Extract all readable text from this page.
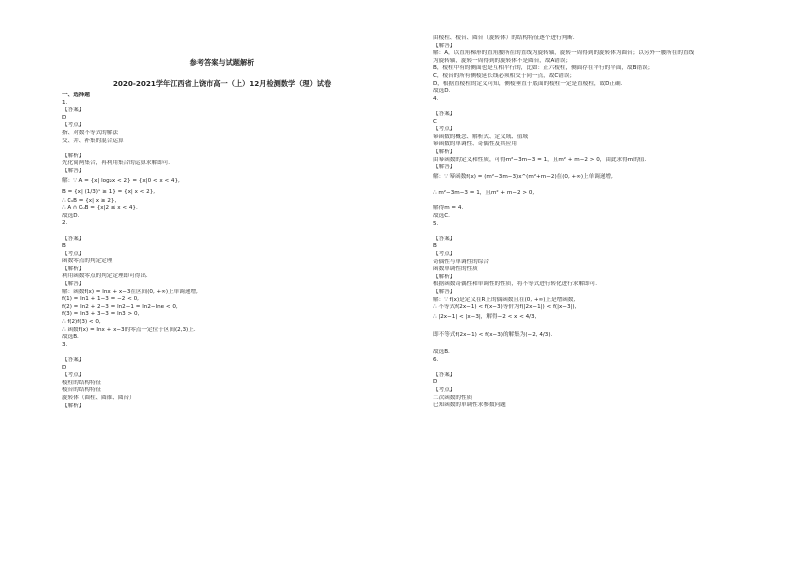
参考答案与试题解析
2020-2021学年江西省上饶市高一（上）12月检测数学（理）试卷
一、选择题
1.
【答案】
D
【考点】
指、对数不等式的解法
交、并、补集的混合运算
【解析】
先化简两集合，再利用集合的运算求解即可.
【解答】
解：∵ A = {x| log₂x < 2} = {x|0 < x < 4},
B = {x| (1/3)ˣ ≥ 1} = {x| x < 2},
∴ ∁ᵤB = {x| x ≥ 2},
∴ A ∩ ∁ᵤB = {x|2 ≤ x < 4}.
故选D.
2.
【答案】
B
【考点】
函数零点的判定定理
【解析】
利用函数零点的判定定理即可得出.
【解答】
解：函数f(x) = lnx + x−3在区间(0, +∞)上单调递增,
f(1) = ln1 + 1−3 = −2 < 0,
f(2) = ln2 + 2−3 = ln2−1 = ln2−lne < 0,
f(3) = ln3 + 3−3 = ln3 > 0,
∴ f(2)f(3) < 0,
∴ 函数f(x) = lnx + x−3的零点一定位于区间(2,3)上.
故选B.
3.
【答案】
D
【考点】
棱柱的结构特征
棱台的结构特征
旋转体（圆柱、圆锥、圆台）
【解析】
由棱柱、棱台、圆台（旋转体）的结构特征逐个进行判断.
【解答】
解：A，以直角梯形的直角腰所在的直线为旋转轴，旋转一周得到的旋转体为圆台；以另外一腰所在的直线
为旋转轴，旋转一周得到的旋转体不是圆台，故A错误；
B，棱柱中有的侧面也是互相平行的，比如：正六棱柱，侧面存在平行的平面，故B错误；
C，棱台的所有侧棱延长线必须相交于同一点，故C错误；
D，根据直棱柱的定义可知，侧棱垂直于底面的棱柱一定是直棱柱，故D正确.
故选D.
4.
【答案】
C
【考点】
幂函数的概念、解析式、定义域、值域
幂函数的单调性、奇偶性及其应用
【解析】
由幂函数的定义和性质，可得m²−3m−3 = 1，且m² + m−2 > 0，由此求得m的值.
【解答】
解：∵ 幂函数f(x) = (m²−3m−3)x^(m²+m−2)在(0, +∞)上单调递增,
∴ m²−3m−3 = 1，且m² + m−2 > 0,
解得m = 4.
故选C.
5.
【答案】
B
【考点】
奇偶性与单调性的综合
函数单调性的性质
【解析】
根据函数奇偶性和单调性的性质，将不等式进行转化进行求解即可.
【解答】
解：∵ f(x)是定义在R上的偶函数且在(0, +∞)上是增函数,
∴ 不等式f(2x−1) < f(x−3)等价为f(|2x−1|) < f(|x−3|),
∴ |2x−1| < |x−3|，解得−2 < x < 4/3,
即不等式f(2x−1) < f(x−3)的解集为(−2, 4/3).
故选B.
6.
【答案】
D
【考点】
二次函数的性质
已知函数的单调性求参数问题
